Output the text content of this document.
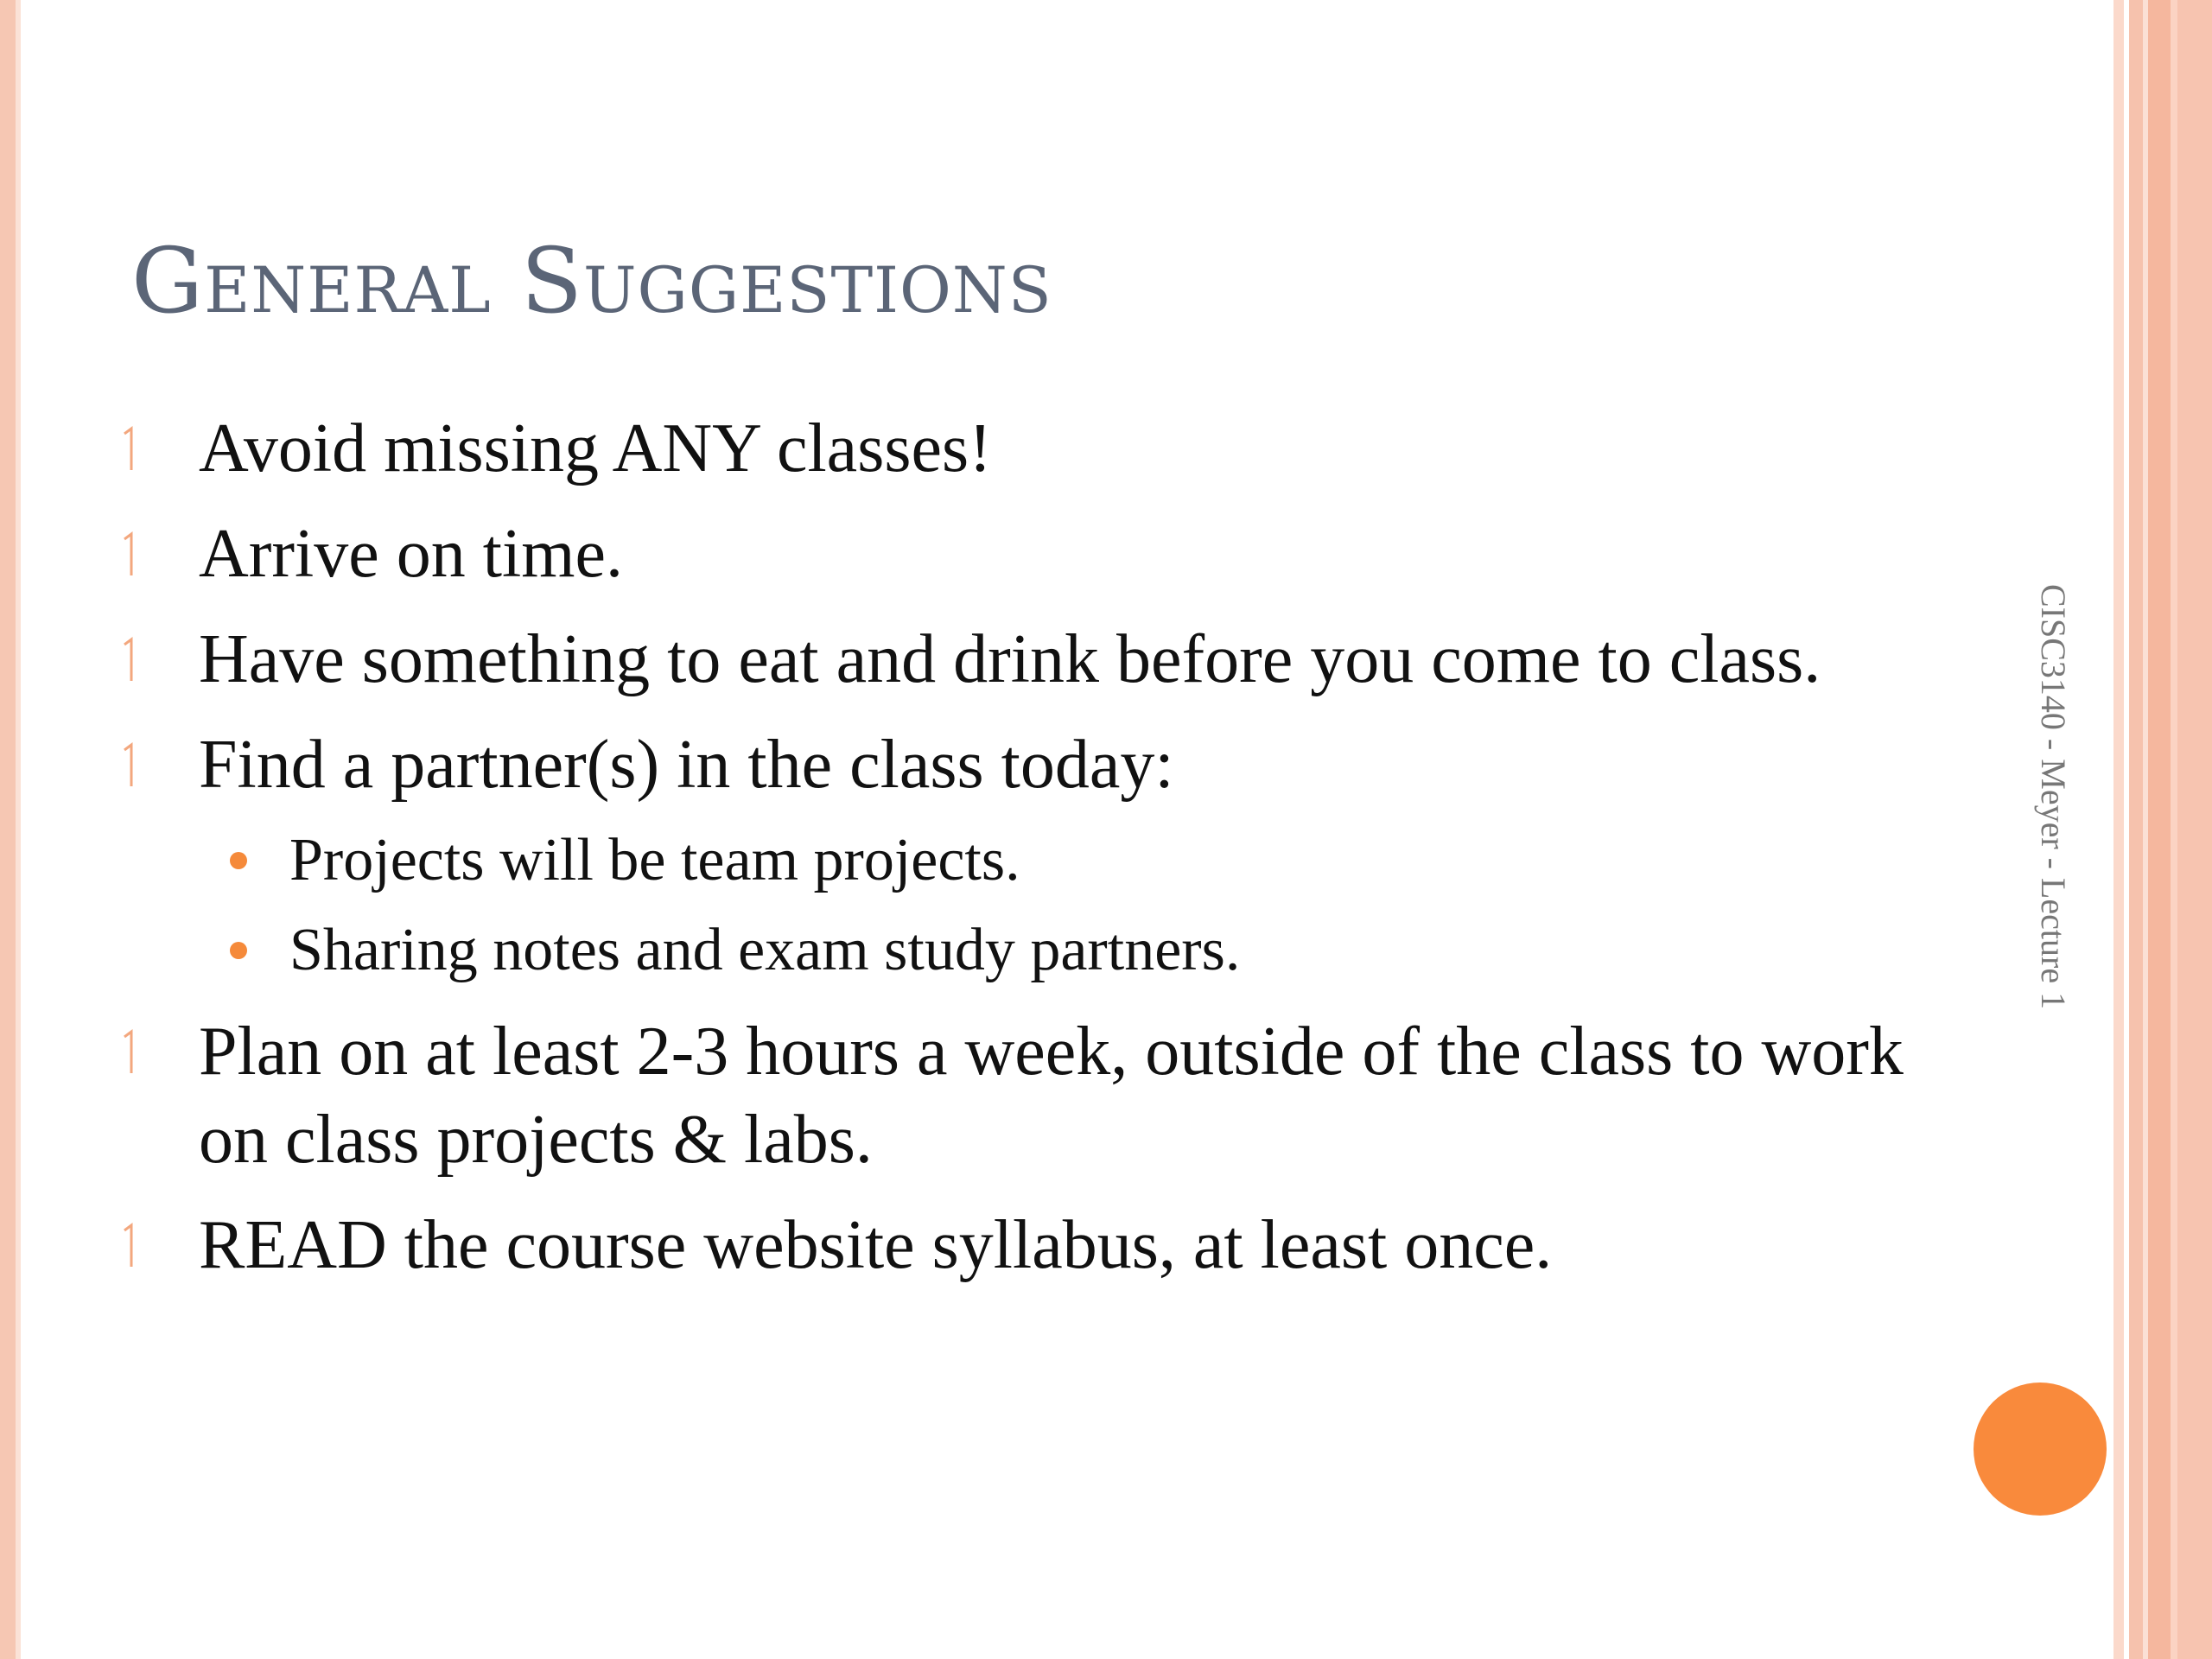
General Suggestions
Avoid missing ANY classes!
Arrive on time.
Have something to eat and drink before you come to class.
Find a partner(s) in the class today:
Projects will be team projects.
Sharing notes and exam study partners.
Plan on at least 2-3 hours a week, outside of the class to work on class projects & labs.
READ the course website syllabus, at least once.
CISC3140 - Meyer - Lecture 1
